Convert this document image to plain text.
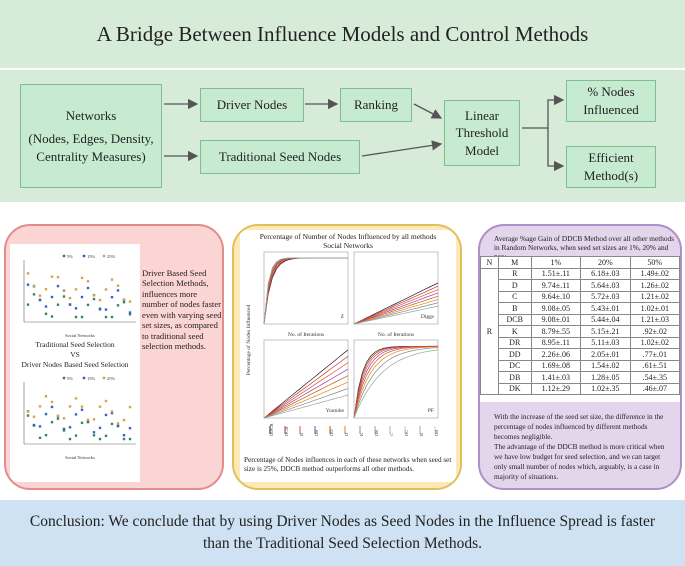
A Bridge Between Influence Models and Control Methods
Networks
(Nodes, Edges, Density, Centrality Measures)
Driver Nodes
Traditional Seed Nodes
Ranking
Linear Threshold Model
% Nodes Influenced
Efficient Method(s)
5%	15%	25%
Social Networks
5%	15%	25%
Social Networks
Traditional Seed Selection
VS
Driver Nodes Based Seed Selection
Driver Based Seed Selection Methods, influences more number of nodes faster even with varying seed set sizes, as compared to traditional seed selection methods.
Percentage of Number of Nodes Influenced by all methods
Social Networks
Percentage of Nodes Influenced	Z
No. of Iterations
Diggs
No. of Iterations
Youtube	PF
DDCB DCB B DB DD D K DK C DC R DR
Percentage of Nodes influences in each of these networks when seed set size is 25%, DDCB method outperforms all other methods.
Average %age Gain of DDCB Method over all other methods in Random Networks, when seed set sizes are 1%, 20% and
N	M	1%	20%	50%
R	R	1.51±.11	6.18±.03	1.49±.02
	D	9.74±.11	5.64±.03	1.26±.02
	C	9.64±.10	5.72±.03	1.21±.02
	B	9.08±.05	5.43±.01	1.02±.01
	DCB	9.08±.01	5.44±.04	1.21±.03
	K	8.79±.55	5.15±.21	.92±.02
	DR	8.95±.11	5.11±.03	1.02±.02
	DD	2.26±.06	2.05±.01	.77±.01
	DC	1.69±.08	1.54±.02	.61±.51
	DB	1.41±.03	1.28±.05	.54±.35
	DK	1.12±.29	1.02±.35	.46±.07
With the increase of the seed set size, the difference in the percentage of nodes influenced by different methods becomes negligible.
The advantage of the DDCB method is more critical when we have low budget for seed selection, and we can target only small number of nodes which, arguably, is a case in majority of situations.
Conclusion: We conclude that by using Driver Nodes as Seed Nodes in the Influence Spread is faster than the Traditional Seed Selection Methods.
